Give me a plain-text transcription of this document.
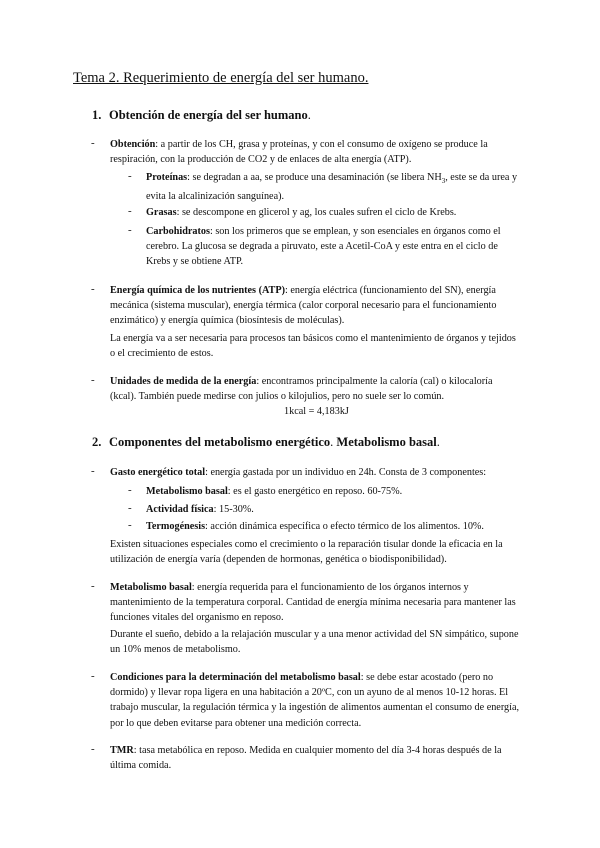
Tema 2. Requerimiento de energía del ser humano.
1. Obtención de energía del ser humano.
- Obtención: a partir de los CH, grasa y proteínas, y con el consumo de oxígeno se produce la respiración, con la producción de CO2 y de enlaces de alta energía (ATP).
- Proteínas: se degradan a aa, se produce una desaminación (se libera $NH_3$, este se da urea y evita la alcalinización sanguínea).
- Grasas: se descompone en glicerol y ag, los cuales sufren el ciclo de Krebs.
- Carbohidratos: son los primeros que se emplean, y son esenciales en órganos como el cerebro. La glucosa se degrada a piruvato, este a Acetil-CoA y este entra en el ciclo de Krebs y se obtiene ATP.
- Energía química de los nutrientes (ATP): energía eléctrica (funcionamiento del SN), energía mecánica (sistema muscular), energía térmica (calor corporal necesario para el funcionamiento enzimático) y energía química (biosíntesis de moléculas).
La energía va a ser necesaria para procesos tan básicos como el mantenimiento de órganos y tejidos o el crecimiento de estos.
- Unidades de medida de la energía: encontramos principalmente la caloría (cal) o kilocaloría (kcal). También puede medirse con julios o kilojulios, pero no suele ser lo común.
1kcal = 4,183kJ
2. Componentes del metabolismo energético. Metabolismo basal.
- Gasto energético total: energía gastada por un individuo en 24h. Consta de 3 componentes:
- Metabolismo basal: es el gasto energético en reposo. 60-75%.
- Actividad física: 15-30%.
- Termogénesis: acción dinámica específica o efecto térmico de los alimentos. 10%.
Existen situaciones especiales como el crecimiento o la reparación tisular donde la eficacia en la utilización de energía varía (dependen de hormonas, genética o biodisponibilidad).
- Metabolismo basal: energía requerida para el funcionamiento de los órganos internos y mantenimiento de la temperatura corporal. Cantidad de energía mínima necesaria para mantener las funciones vitales del organismo en reposo.
Durante el sueño, debido a la relajación muscular y a una menor actividad del SN simpático, supone un 10% menos de metabolismo.
- Condiciones para la determinación del metabolismo basal: se debe estar acostado (pero no dormido) y llevar ropa ligera en una habitación a 20ºC, con un ayuno de al menos 10-12 horas. El trabajo muscular, la regulación térmica y la ingestión de alimentos aumentan el consumo de energía, por lo que deben evitarse para obtener una medición correcta.
- TMR: tasa metabólica en reposo. Medida en cualquier momento del día 3-4 horas después de la última comida.
